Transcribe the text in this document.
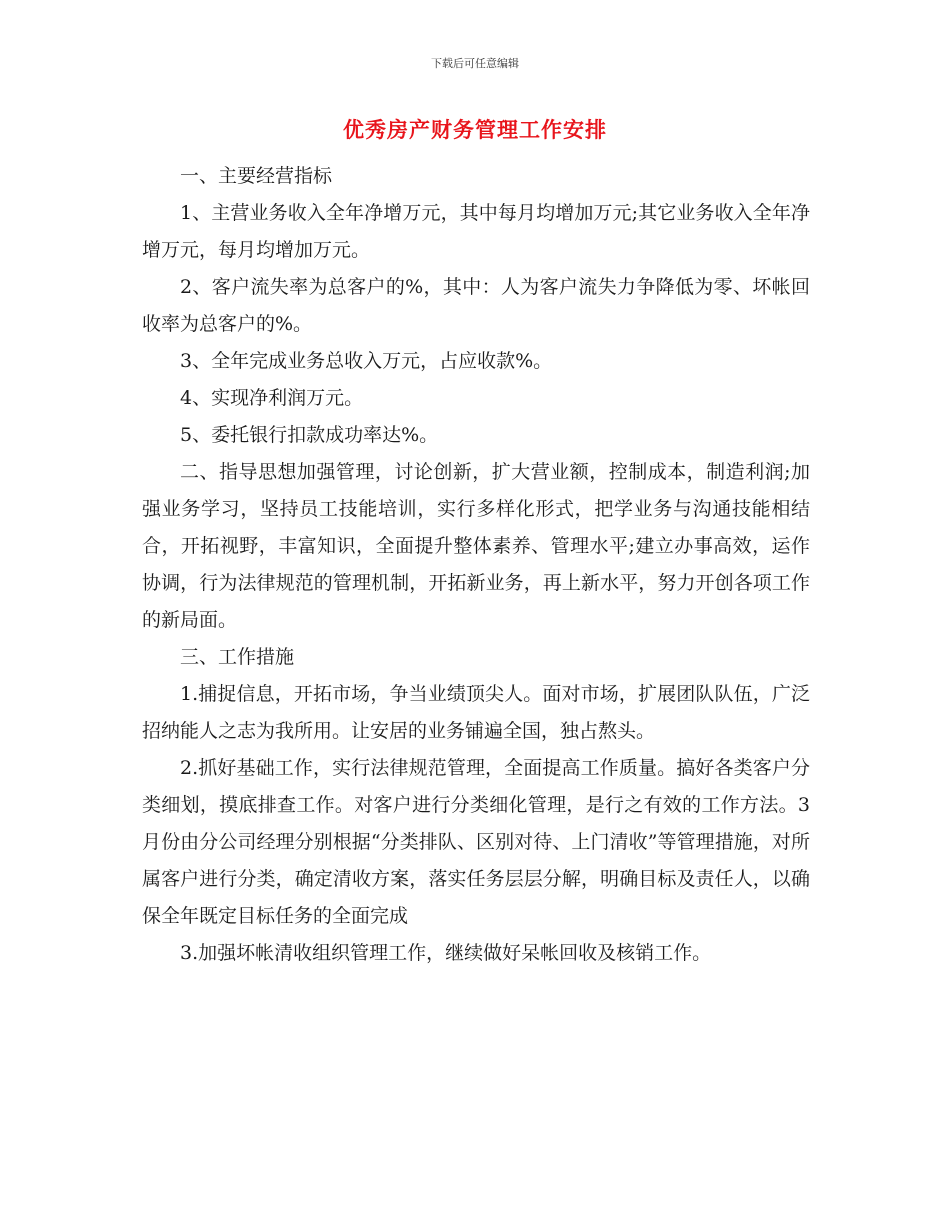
下载后可任意编辑
优秀房产财务管理工作安排

一、主要经营指标

1、主营业务收入全年净增万元，其中每月均增加万元;其它业务收入全年净增万元，每月均增加万元。

2、客户流失率为总客户的%，其中：人为客户流失力争降低为零、坏帐回收率为总客户的%。

3、全年完成业务总收入万元，占应收款%。

4、实现净利润万元。

5、委托银行扣款成功率达%。

二、指导思想加强管理，讨论创新，扩大营业额，控制成本，制造利润;加强业务学习，坚持员工技能培训，实行多样化形式，把学业务与沟通技能相结合，开拓视野，丰富知识，全面提升整体素养、管理水平;建立办事高效，运作协调，行为法律规范的管理机制，开拓新业务，再上新水平，努力开创各项工作的新局面。

三、工作措施

1.捕捉信息，开拓市场，争当业绩顶尖人。面对市场，扩展团队队伍，广泛招纳能人之志为我所用。让安居的业务铺遍全国，独占熬头。

2.抓好基础工作，实行法律规范管理，全面提高工作质量。搞好各类客户分类细划，摸底排查工作。对客户进行分类细化管理，是行之有效的工作方法。3月份由分公司经理分别根据“分类排队、区别对待、上门清收”等管理措施，对所属客户进行分类，确定清收方案，落实任务层层分解，明确目标及责任人，以确保全年既定目标任务的全面完成

3.加强坏帐清收组织管理工作，继续做好呆帐回收及核销工作。
